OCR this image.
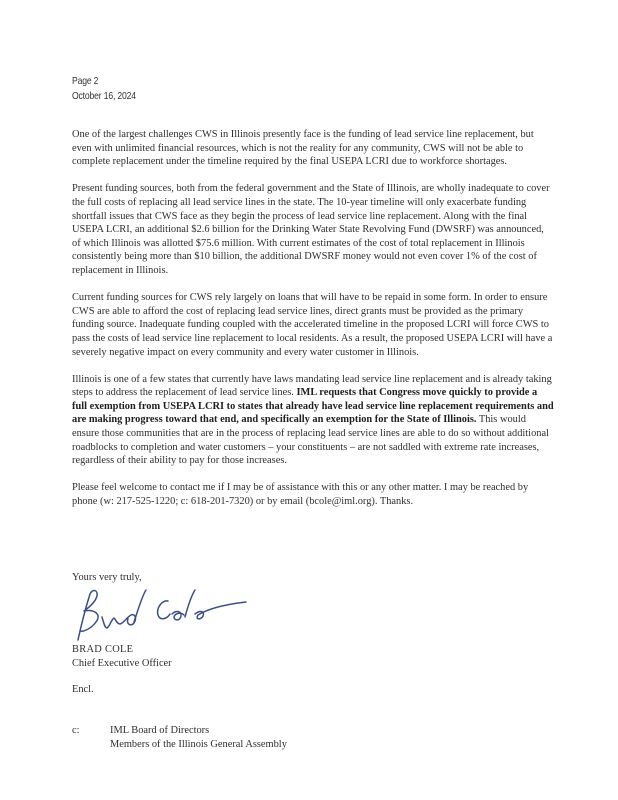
Page 2
October 16, 2024

One of the largest challenges CWS in Illinois presently face is the funding of lead service line replacement, but even with unlimited financial resources, which is not the reality for any community, CWS will not be able to complete replacement under the timeline required by the final USEPA LCRI due to workforce shortages.

Present funding sources, both from the federal government and the State of Illinois, are wholly inadequate to cover the full costs of replacing all lead service lines in the state. The 10-year timeline will only exacerbate funding shortfall issues that CWS face as they begin the process of lead service line replacement. Along with the final USEPA LCRI, an additional $2.6 billion for the Drinking Water State Revolving Fund (DWSRF) was announced, of which Illinois was allotted $75.6 million. With current estimates of the cost of total replacement in Illinois consistently being more than $10 billion, the additional DWSRF money would not even cover 1% of the cost of replacement in Illinois.

Current funding sources for CWS rely largely on loans that will have to be repaid in some form. In order to ensure CWS are able to afford the cost of replacing lead service lines, direct grants must be provided as the primary funding source. Inadequate funding coupled with the accelerated timeline in the proposed LCRI will force CWS to pass the costs of lead service line replacement to local residents. As a result, the proposed USEPA LCRI will have a severely negative impact on every community and every water customer in Illinois.

Illinois is one of a few states that currently have laws mandating lead service line replacement and is already taking steps to address the replacement of lead service lines. IML requests that Congress move quickly to provide a full exemption from USEPA LCRI to states that already have lead service line replacement requirements and are making progress toward that end, and specifically an exemption for the State of Illinois. This would ensure those communities that are in the process of replacing lead service lines are able to do so without additional roadblocks to completion and water customers – your constituents – are not saddled with extreme rate increases, regardless of their ability to pay for those increases.

Please feel welcome to contact me if I may be of assistance with this or any other matter. I may be reached by phone (w: 217-525-1220; c: 618-201-7320) or by email (bcole@iml.org). Thanks.

Yours very truly,
BRAD COLE
Chief Executive Officer
Encl.
c:	IML Board of Directors
Members of the Illinois General Assembly
